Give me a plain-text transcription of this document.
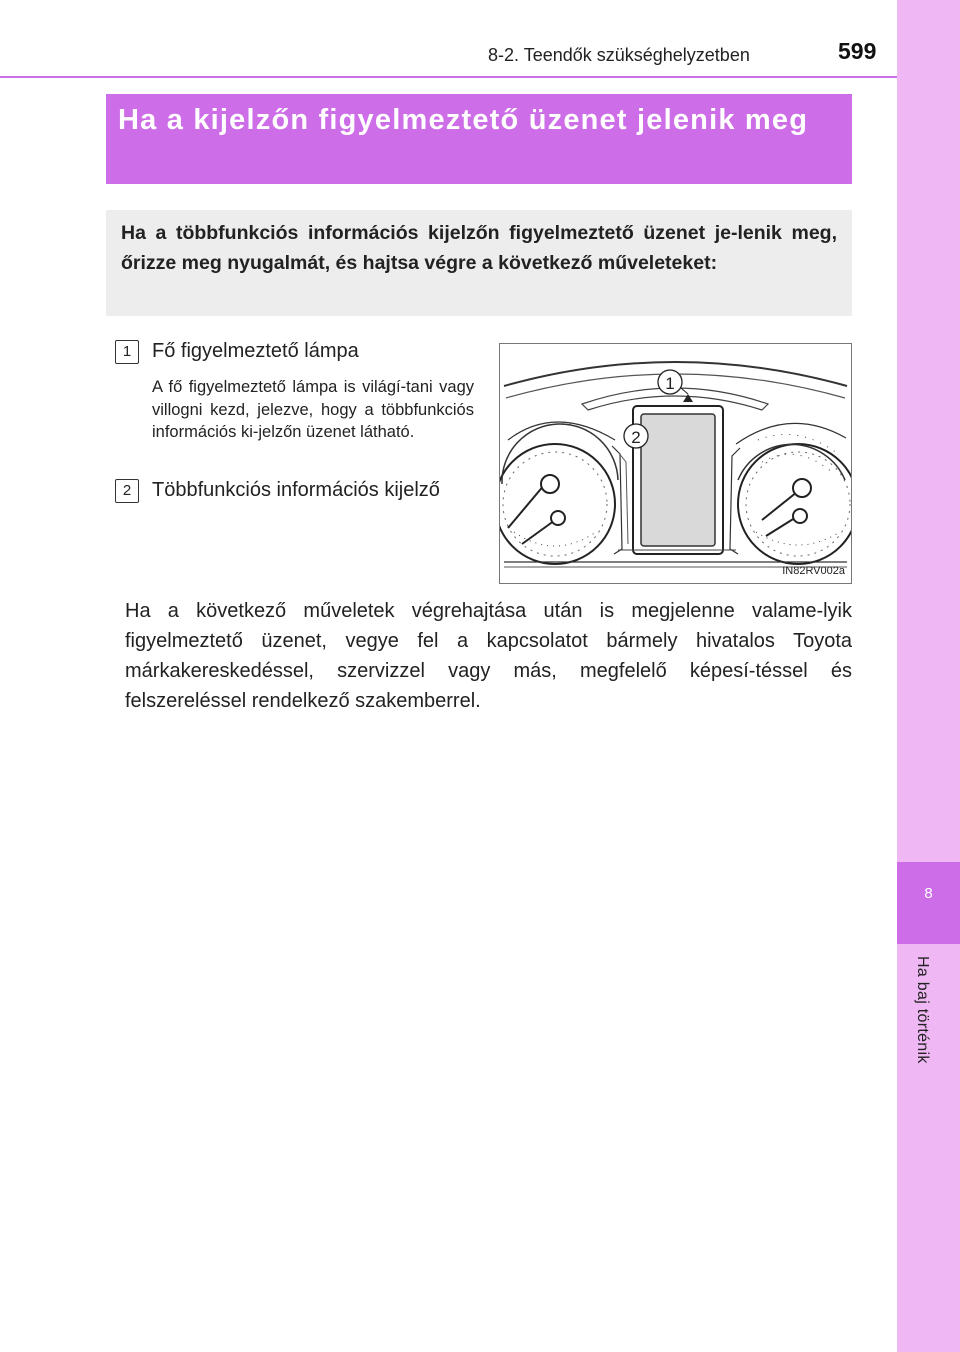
8
Ha baj történik
8-2. Teendők szükséghelyzetben	599
Ha a kijelzőn figyelmeztető üzenet jelenik meg
Ha a többfunkciós információs kijelzőn figyelmeztető üzenet je-lenik meg, őrizze meg nyugalmát, és hajtsa végre a következő műveleteket:
1	Fő figyelmeztető lámpa
A fő figyelmeztető lámpa is világí-tani vagy villogni kezd, jelezve, hogy a többfunkciós információs ki-jelzőn üzenet látható.
2	Többfunkciós információs kijelző
1
2
IN82RV002a
Ha a következő műveletek végrehajtása után is megjelenne valame-lyik figyelmeztető üzenet, vegye fel a kapcsolatot bármely hivatalos Toyota márkakereskedéssel, szervizzel vagy más, megfelelő képesí-téssel és felszereléssel rendelkező szakemberrel.
